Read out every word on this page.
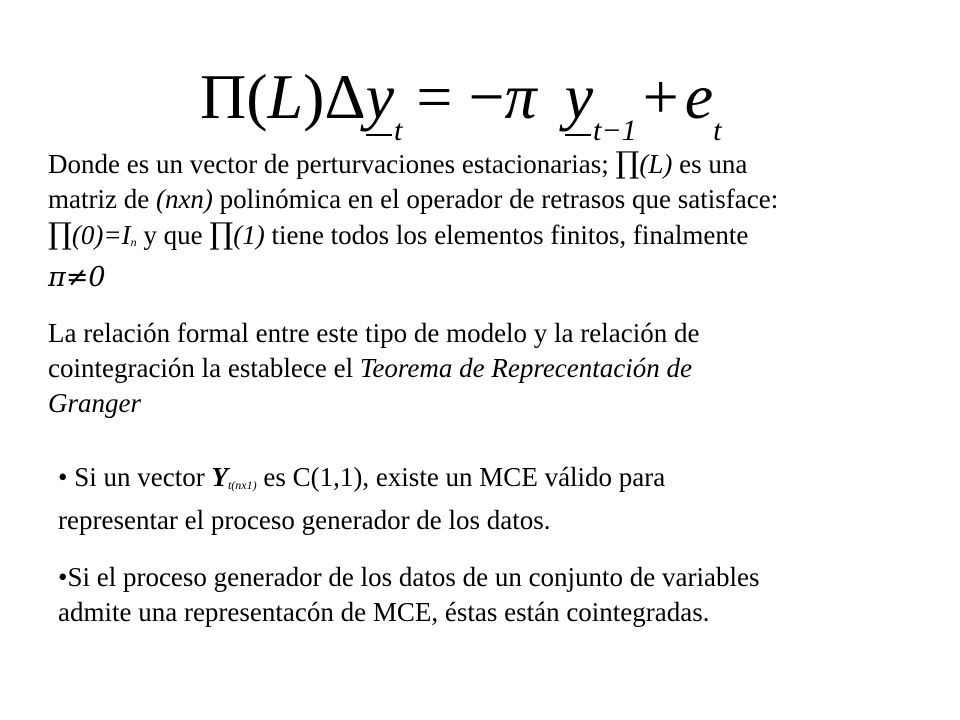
Π(L)Δyt = −π yt−1+et
Donde es un vector de perturvaciones estacionarias; ∏(L) es una
matriz de (nxn) polinómica en el operador de retrasos que satisface:
∏(0)=In y que ∏(1) tiene todos los elementos finitos, finalmente
π≠0
La relación formal entre este tipo de modelo y la relación de
cointegración la establece el Teorema de Reprecentación de
Granger
• Si un vector Yt(nx1) es C(1,1), existe un MCE válido para
representar el proceso generador de los datos.
•Si el proceso generador de los datos de un conjunto de variables
admite una representacón de MCE, éstas están cointegradas.
